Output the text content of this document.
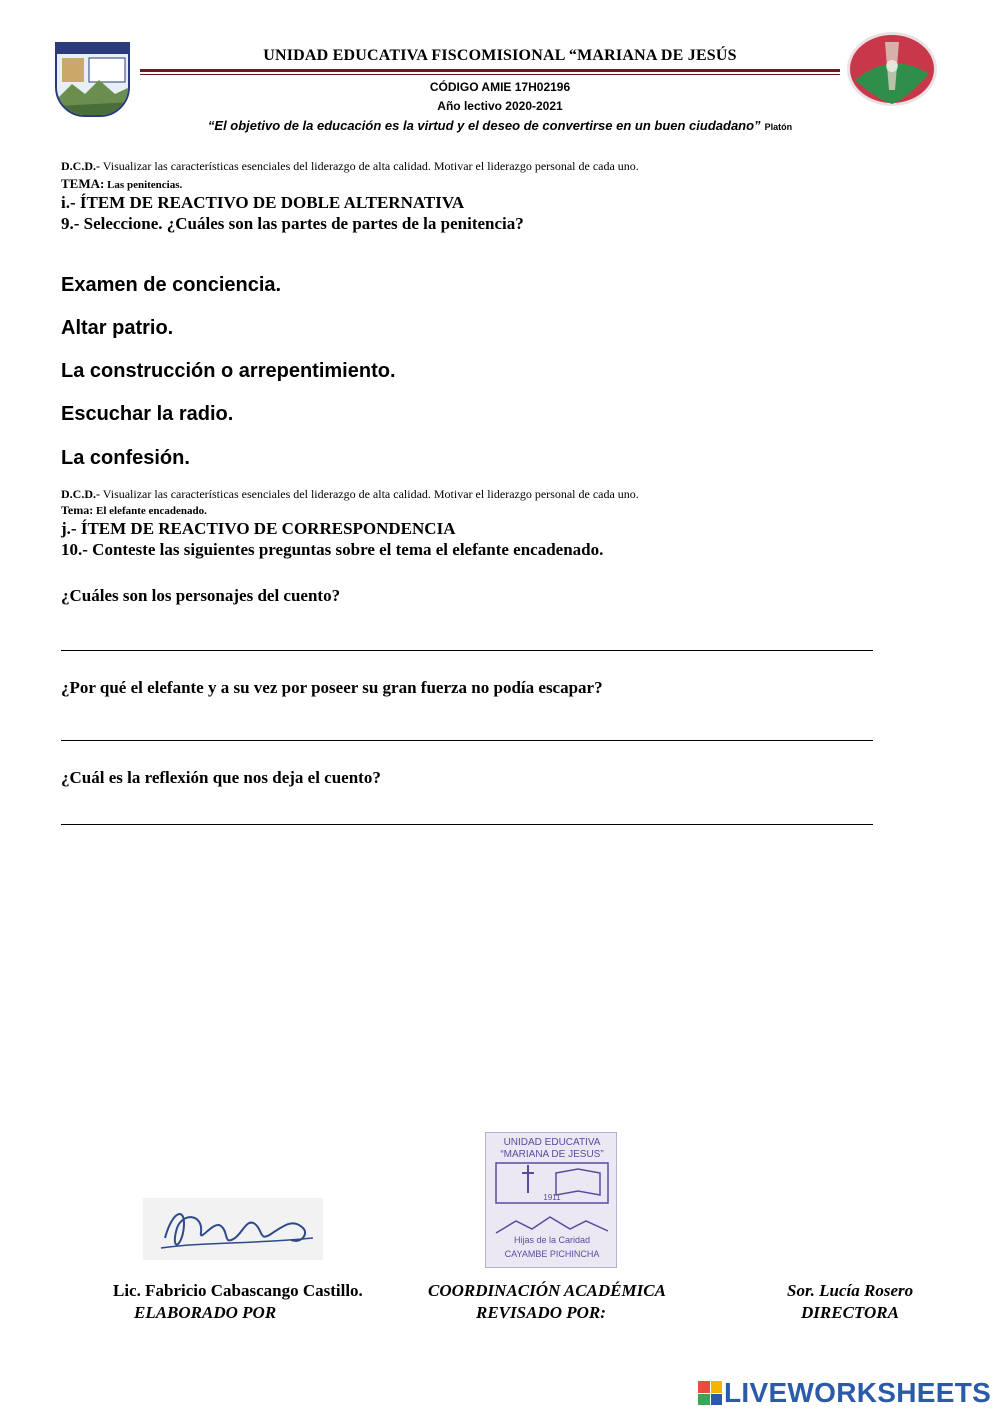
UNIDAD EDUCATIVA FISCOMISIONAL “MARIANA DE JESÚS
CÓDIGO AMIE 17H02196
Año lectivo 2020-2021
“El objetivo de la educación es la virtud y el deseo de convertirse en un buen ciudadano” Platón
D.C.D.- Visualizar las características esenciales del liderazgo de alta calidad. Motivar el liderazgo personal de cada uno.
TEMA: Las penitencias.
i.- ÍTEM DE REACTIVO DE DOBLE ALTERNATIVA
9.- Seleccione. ¿Cuáles son las partes de partes de la penitencia?
Examen de conciencia.
Altar patrio.
La construcción o arrepentimiento.
Escuchar la radio.
La confesión.
D.C.D.- Visualizar las características esenciales del liderazgo de alta calidad. Motivar el liderazgo personal de cada uno.
Tema: El elefante encadenado.
j.- ÍTEM DE REACTIVO DE CORRESPONDENCIA
10.- Conteste las siguientes preguntas sobre el tema el elefante encadenado.
¿Cuáles son los personajes del cuento?
¿Por qué el elefante y a su vez por poseer su gran fuerza no podía escapar?
¿Cuál es la reflexión que nos deja el cuento?
UNIDAD EDUCATIVA
“MARIANA DE JESUS”
1911
Hijas de la Caridad
CAYAMBE PICHINCHA
Lic. Fabricio Cabascango Castillo.
ELABORADO POR
COORDINACIÓN ACADÉMICA
REVISADO POR:
Sor. Lucía Rosero
DIRECTORA
LIVEWORKSHEETS
